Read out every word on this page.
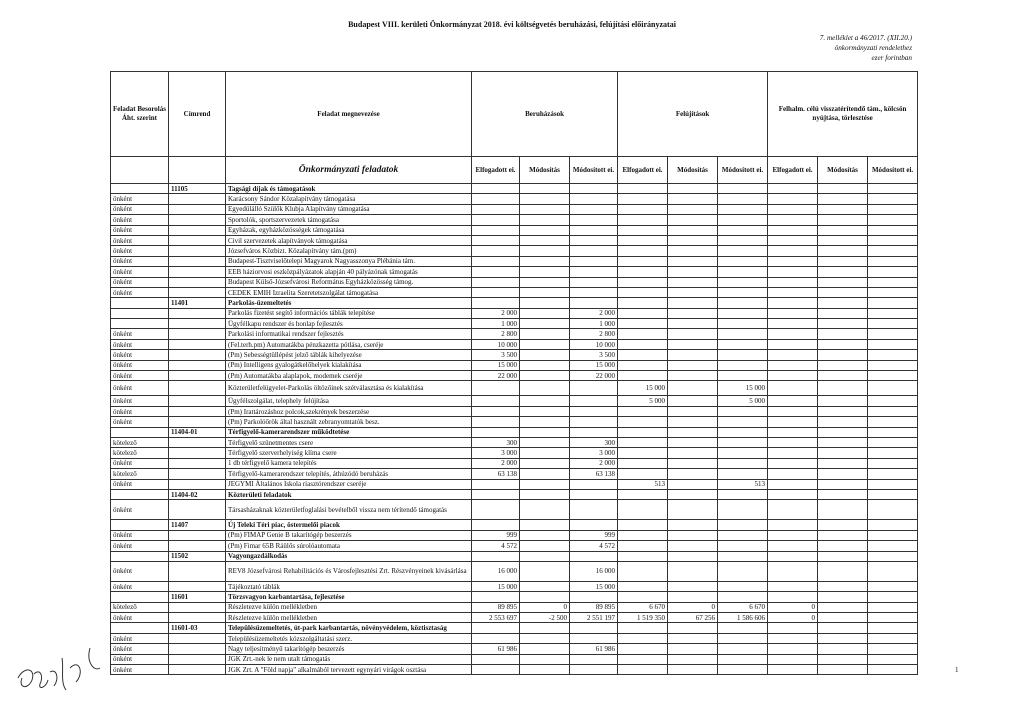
Budapest VIII. kerületi Önkormányzat 2018. évi költségvetés beruházási, felújítási előirányzatai
7. melléklet a 46/2017. (XII.20.)
önkormányzati rendelethez
ezer forintban
Feladat Besorolás Áht. szerint	Címrend	Feladat megnevezése	Beruházások			Felújítások			Felhalm. célú visszatérítendő tám., kölcsön nyújtása, törlesztése		
		Önkormányzati feladatok	Elfogadott ei.	Módosítás	Módosított ei.	Elfogadott ei.	Módosítás	Módosított ei.	Elfogadott ei.	Módosítás	Módosított ei.
	11105	Tagsági díjak és támogatások									
önként		Karácsony Sándor Közalapítvány támogatása									
önként		Egyedülálló Szülők Klubja Alapítvány támogatása									
önként		Sportolók, sportszervezetek támogatása									
önként		Egyházak, egyházközösségek támogatása									
önként		Civil szervezetek alapítványok támogatása									
önként		Józsefváros Közbizt. Közalapítvány tám.(pm)									
önként		Budapest-Tisztviselőtelepi Magyarok Nagyasszonya Plébánia tám.									
önként		EEB háziorvosi eszközpályázatok alapján 40 pályázónak támogatás									
önként		Budapest Külső-Józsefvárosi Református Egyházközösség támog.									
önként		CEDEK EMIH Izraelita Szeretetszolgálat támogatása									
	11401	Parkolás-üzemeltetés									
		Parkolás fizetést segítő információs táblák telepítése	2 000		2 000						
		Ügyfélkapu rendszer és honlap fejlesztés	1 000		1 000						
önként		Parkolási informatikai rendszer fejlesztés	2 800		2 800						
önként		(Fel.terh.pm) Automatákba pénzkazetta pótlása, cseréje	10 000		10 000						
önként		(Pm) Sebességtüllépést jelző táblák kihelyezése	3 500		3 500						
önként		(Pm) Intelligens gyalogátkelőhelyek kialakítása	15 000		15 000						
önként		(Pm) Automatákba alaplapok, modemek cseréje	22 000		22 000						
önként		Közterületfelügyelet-Parkolás öltözőinek szétválasztása és kialakítása				15 000		15 000			
önként		Ügyfélszolgálat, telephely felújítása				5 000		5 000			
önként		(Pm) Irattározáshoz polcok,szekrények beszerzése									
önként		(Pm) Parkolóőrök által használt zebranyomtatók besz.									
	11404-01	Térfigyelő-kamerarendszer működtetése									
kötelező		Térfigyelő szünetmentes csere	300		300						
kötelező		Térfigyelő szerverhelyiség klíma csere	3 000		3 000						
önként		1 db térfigyelő kamera telepítés	2 000		2 000						
kötelező		Térfigyelő-kamerarendszer telepítés, áthúzódó beruházás	63 138		63 138						
önként		JEGYMI Általános Iskola riasztórendszer cseréje				513		513			
	11404-02	Közterületi feladatok									
önként		Társasházaknak közterületfoglalási bevételből vissza nem térítendő támogatás									
	11407	Új Teleki Téri piac, östermelői piacok									
önként		(Pm) FIMAP Genie B takarítógép beszerzés	999		999						
önként		(Pm) Fimar 65B Ráülős súrolóautomata	4 572		4 572						
	11502	Vagyongazdálkodás									
önként		REV8 Józsefvárosi Rehabilitációs és Városfejlesztési Zrt. Részvényeinek kivásárlása	16 000		16 000						
önként		Tájékoztató táblák	15 000		15 000						
	11601	Törzsvagyon karbantartása, fejlesztése									
kötelező		Részletezve külön mellékletben	89 895	0	89 895	6 670	0	6 670	0		
önként		Részletezve külön mellékletben	2 553 697	-2 500	2 551 197	1 519 350	67 256	1 586 606	0		
	11601-03	Településüzemeltetés, út-park karbantartás, növényvédelem, köztisztaság									
önként		Településüzemeltetés közszolgáltatási szerz.									
önként		Nagy teljesítményű takarítógép beszerzés	61 986		61 986						
önként		JGK Zrt.-nek le nem utalt támogatás									
önként		JGK Zrt. A "Föld napja" alkalmából tervezett egynyári virágok osztása										1
